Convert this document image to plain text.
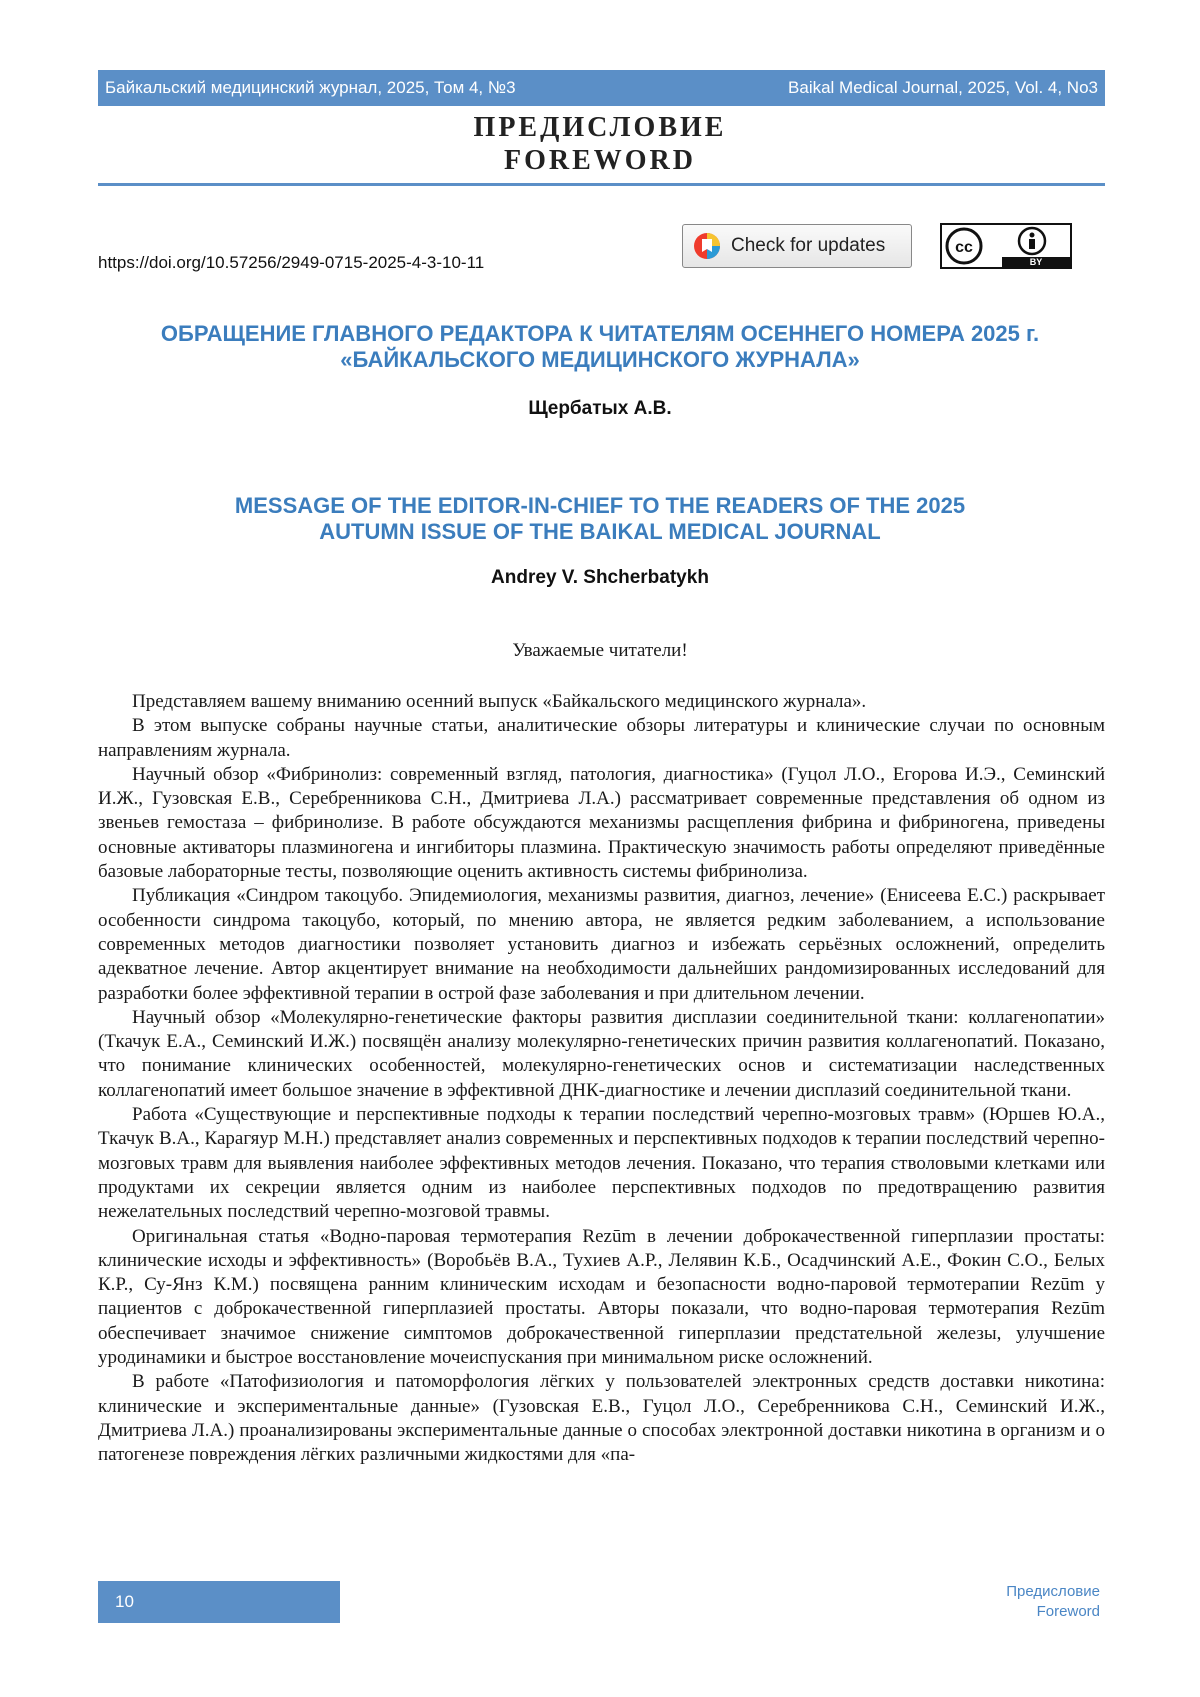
Байкальский медицинский журнал, 2025, Том 4, №3	Baikal Medical Journal, 2025, Vol. 4, No3
ПРЕДИСЛОВИЕ
FOREWORD
https://doi.org/10.57256/2949-0715-2025-4-3-10-11
Check for updates	cc
BY
ОБРАЩЕНИЕ ГЛАВНОГО РЕДАКТОРА К ЧИТАТЕЛЯМ ОСЕННЕГО НОМЕРА 2025 г.
«БАЙКАЛЬСКОГО МЕДИЦИНСКОГО ЖУРНАЛА»
Щербатых А.В.
MESSAGE OF THE EDITOR-IN-CHIEF TO THE READERS OF THE 2025
AUTUMN ISSUE OF THE BAIKAL MEDICAL JOURNAL
Andrey V. Shcherbatykh
Уважаемые читатели!

Представляем вашему вниманию осенний выпуск «Байкальского медицинского журнала».

В этом выпуске собраны научные статьи, аналитические обзоры литературы и клинические случаи по основным направлениям журнала.

Научный обзор «Фибринолиз: современный взгляд, патология, диагностика» (Гуцол Л.О., Егорова И.Э., Семинский И.Ж., Гузовская Е.В., Серебренникова С.Н., Дмитриева Л.А.) рассматривает современные представления об одном из звеньев гемостаза – фибринолизе. В работе обсуждаются механизмы расщепления фибрина и фибриногена, приведены основные активаторы плазминогена и ингибиторы плазмина. Практическую значимость работы определяют приведённые базовые лабораторные тесты, позволяющие оценить активность системы фибринолиза.

Публикация «Синдром такоцубо. Эпидемиология, механизмы развития, диагноз, лечение» (Енисеева Е.С.) раскрывает особенности синдрома такоцубо, который, по мнению автора, не является редким заболеванием, а использование современных методов диагностики позволяет установить диагноз и избежать серьёзных осложнений, определить адекватное лечение. Автор акцентирует внимание на необходимости дальнейших рандомизированных исследований для разработки более эффективной терапии в острой фазе заболевания и при длительном лечении.

Научный обзор «Молекулярно-генетические факторы развития дисплазии соединительной ткани: коллагенопатии» (Ткачук Е.А., Семинский И.Ж.) посвящён анализу молекулярно-генетических причин развития коллагенопатий. Показано, что понимание клинических особенностей, молекулярно-генетических основ и систематизации наследственных коллагенопатий имеет большое значение в эффективной ДНК-диагностике и лечении дисплазий соединительной ткани.

Работа «Существующие и перспективные подходы к терапии последствий черепно-мозговых травм» (Юршев Ю.А., Ткачук В.А., Карагяур М.Н.) представляет анализ современных и перспективных подходов к терапии последствий черепно-мозговых травм для выявления наиболее эффективных методов лечения. Показано, что терапия стволовыми клетками или продуктами их секреции является одним из наиболее перспективных подходов по предотвращению развития нежелательных последствий черепно-мозговой травмы.

Оригинальная статья «Водно-паровая термотерапия Rezūm в лечении доброкачественной гиперплазии простаты: клинические исходы и эффективность» (Воробьёв В.А., Тухиев А.Р., Лелявин К.Б., Осадчинский А.Е., Фокин С.О., Белых К.Р., Су-Янз К.М.) посвящена ранним клиническим исходам и безопасности водно-паровой термотерапии Rezūm у пациентов с доброкачественной гиперплазией простаты. Авторы показали, что водно-паровая термотерапия Rezūm обеспечивает значимое снижение симптомов доброкачественной гиперплазии предстательной железы, улучшение уродинамики и быстрое восстановление мочеиспускания при минимальном риске осложнений.

В работе «Патофизиология и патоморфология лёгких у пользователей электронных средств доставки никотина: клинические и экспериментальные данные» (Гузовская Е.В., Гуцол Л.О., Серебренникова С.Н., Семинский И.Ж., Дмитриева Л.А.) проанализированы экспериментальные данные о способах электронной доставки никотина в организм и о патогенезе повреждения лёгких различными жидкостями для «па-

10
Предисловие
Foreword
